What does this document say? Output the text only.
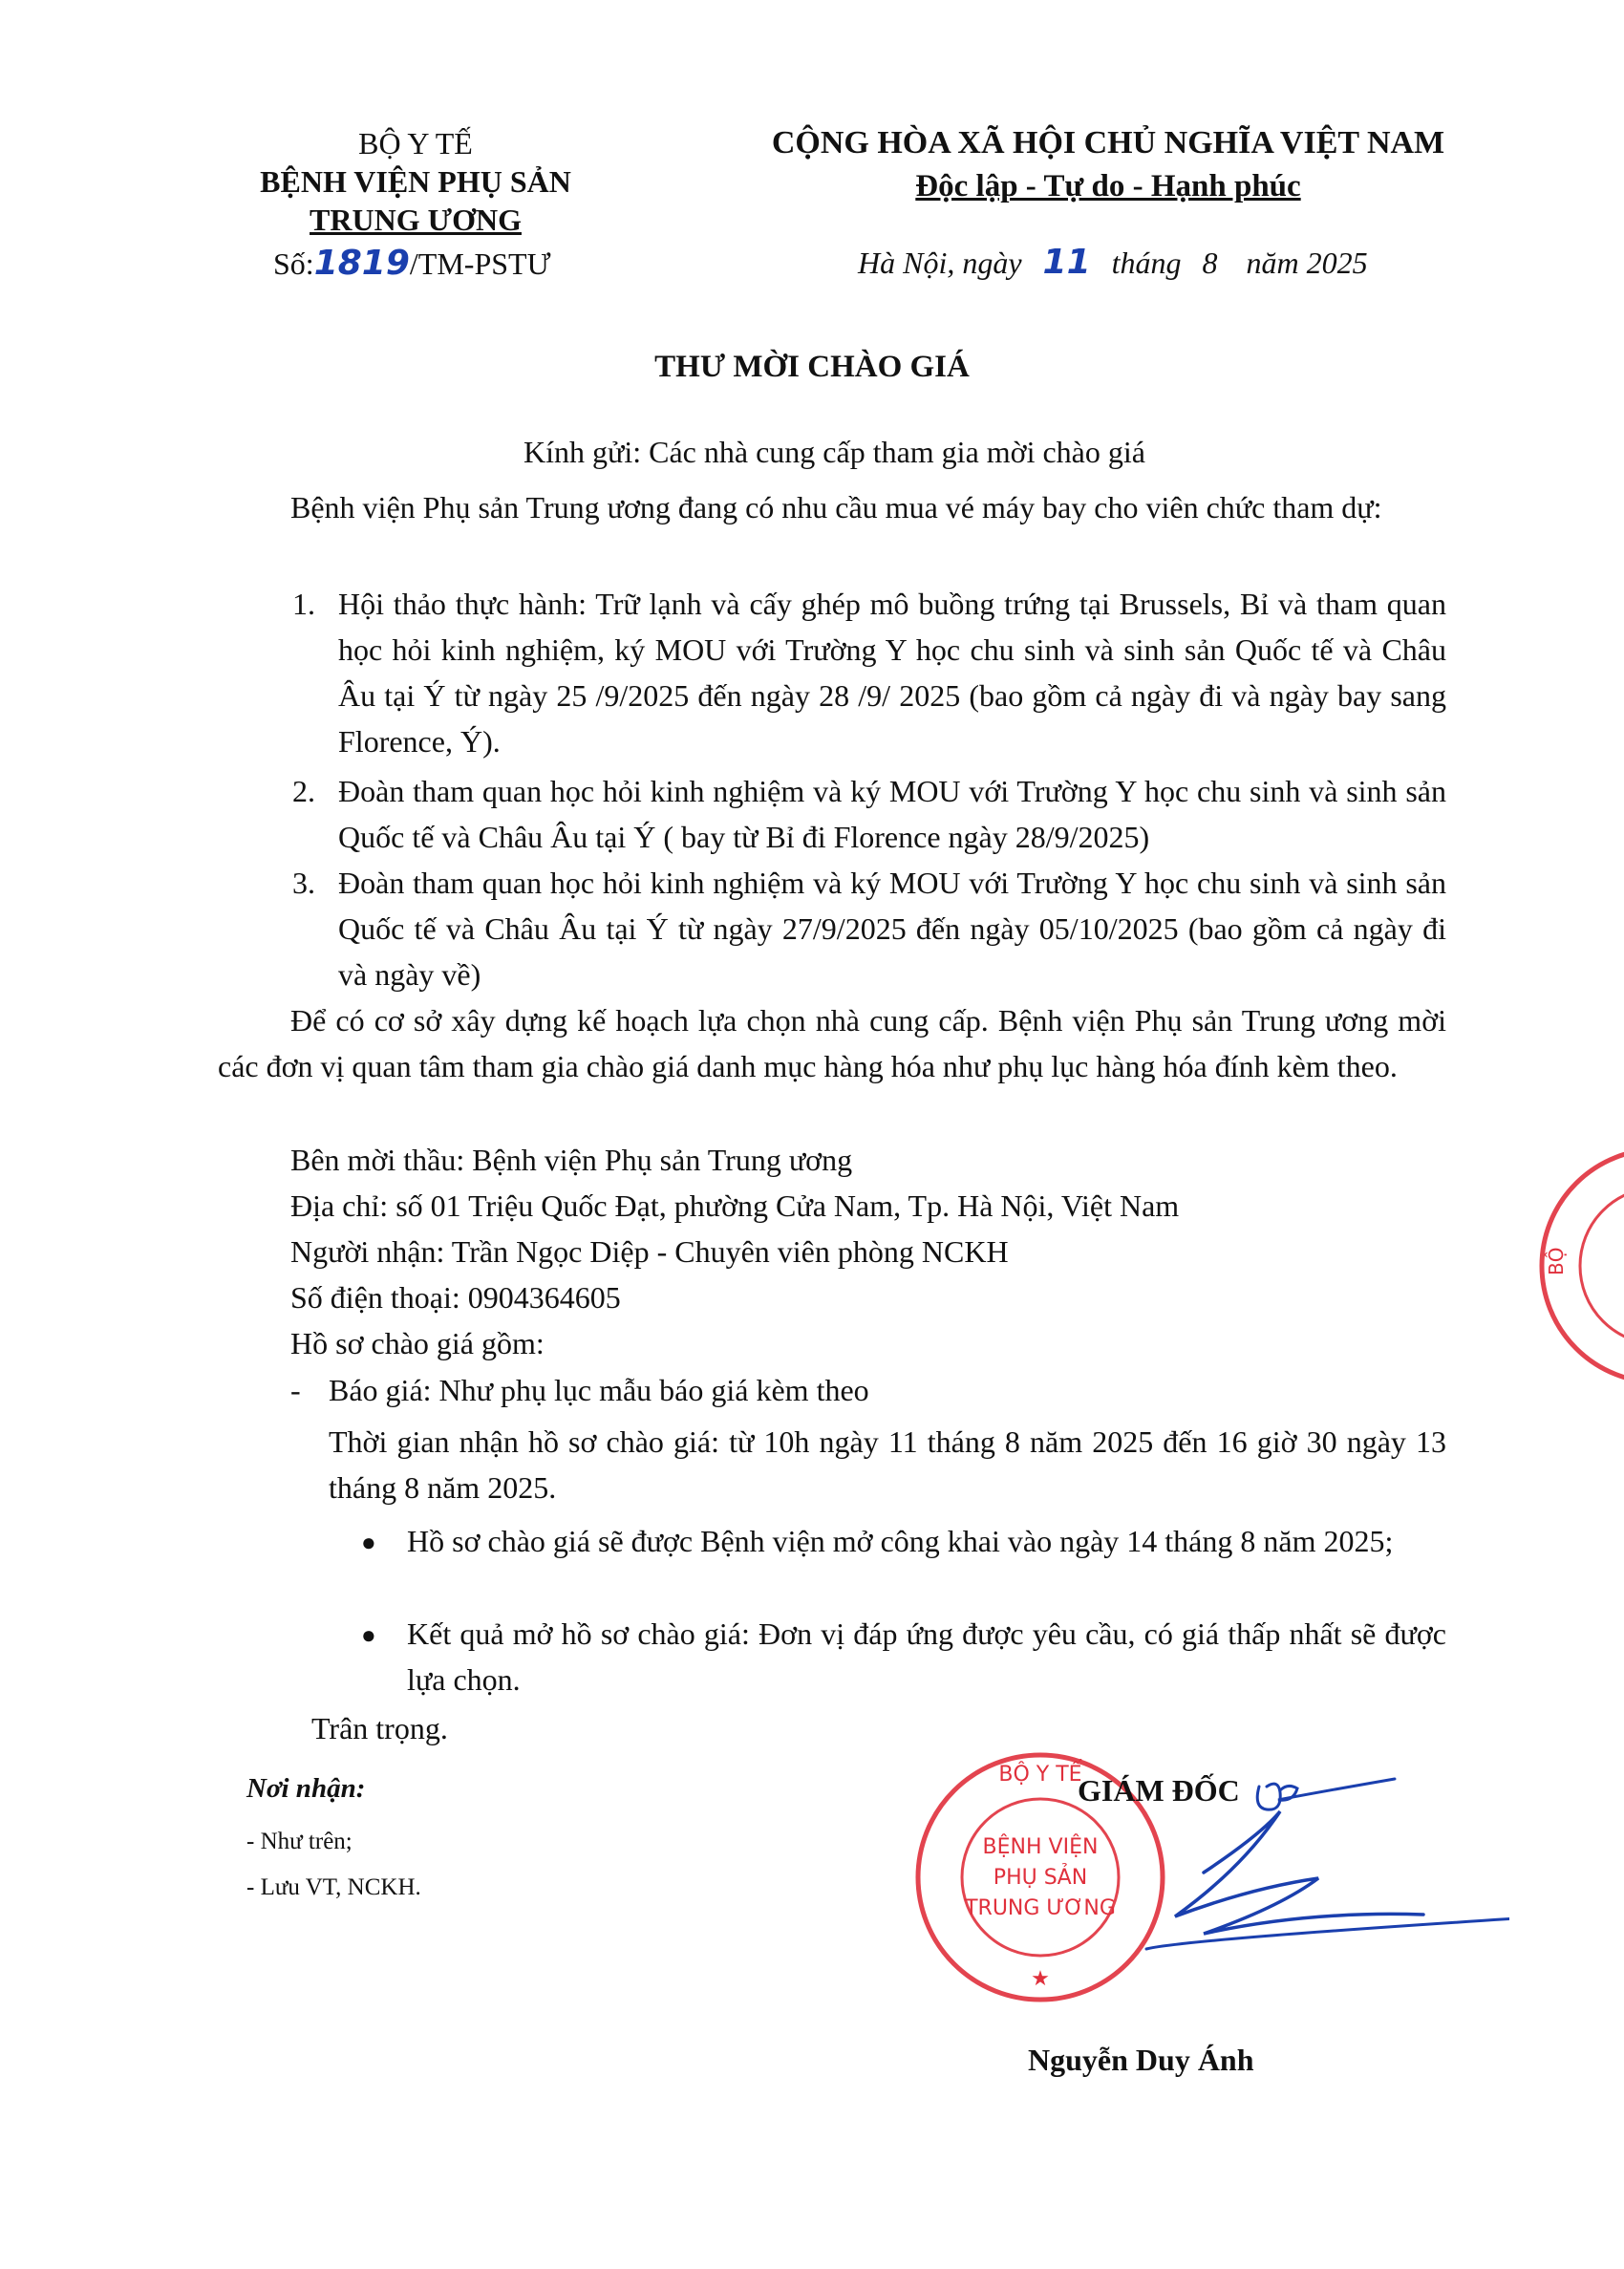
BỘ Y TẾ
BỆNH VIỆN PHỤ SẢN
TRUNG ƯƠNG
Số:1819/TM-PSTƯ
CỘNG HÒA XÃ HỘI CHỦ NGHĨA VIỆT NAM
Độc lập - Tự do - Hạnh phúc
Hà Nội, ngày 11 tháng 8 năm 2025
THƯ MỜI CHÀO GIÁ
Kính gửi: Các nhà cung cấp tham gia mời chào giá
Bệnh viện Phụ sản Trung ương đang có nhu cầu mua vé máy bay cho viên chức tham dự:
1. Hội thảo thực hành: Trữ lạnh và cấy ghép mô buồng trứng tại Brussels, Bỉ và tham quan học hỏi kinh nghiệm, ký MOU với Trường Y học chu sinh và sinh sản Quốc tế và Châu Âu tại Ý từ ngày 25 /9/2025 đến ngày 28 /9/ 2025 (bao gồm cả ngày đi và ngày bay sang Florence, Ý).
2. Đoàn tham quan học hỏi kinh nghiệm và ký MOU với Trường Y học chu sinh và sinh sản Quốc tế và Châu Âu tại Ý ( bay từ Bỉ đi Florence ngày 28/9/2025)
3. Đoàn tham quan học hỏi kinh nghiệm và ký MOU với Trường Y học chu sinh và sinh sản Quốc tế và Châu Âu tại Ý từ ngày 27/9/2025 đến ngày 05/10/2025 (bao gồm cả ngày đi và ngày về)
Để có cơ sở xây dựng kế hoạch lựa chọn nhà cung cấp. Bệnh viện Phụ sản Trung ương mời các đơn vị quan tâm tham gia chào giá danh mục hàng hóa như phụ lục hàng hóa đính kèm theo.
Bên mời thầu: Bệnh viện Phụ sản Trung ương
Địa chỉ: số 01 Triệu Quốc Đạt, phường Cửa Nam, Tp. Hà Nội, Việt Nam
Người nhận: Trần Ngọc Diệp - Chuyên viên phòng NCKH
Số điện thoại: 0904364605
Hồ sơ chào giá gồm:
- Báo giá: Như phụ lục mẫu báo giá kèm theo
Thời gian nhận hồ sơ chào giá: từ 10h ngày 11 tháng 8 năm 2025 đến 16 giờ 30 ngày 13 tháng 8 năm 2025.
● Hồ sơ chào giá sẽ được Bệnh viện mở công khai vào ngày 14 tháng 8 năm 2025;
● Kết quả mở hồ sơ chào giá: Đơn vị đáp ứng được yêu cầu, có giá thấp nhất sẽ được lựa chọn.
Trân trọng.
Nơi nhận:
- Như trên;
- Lưu VT, NCKH.
BỘ Y TẾ
BỆNH VIỆN
PHỤ SẢN
TRUNG ƯƠNG
★
BỘ
GIÁM ĐỐC
Nguyễn Duy Ánh
